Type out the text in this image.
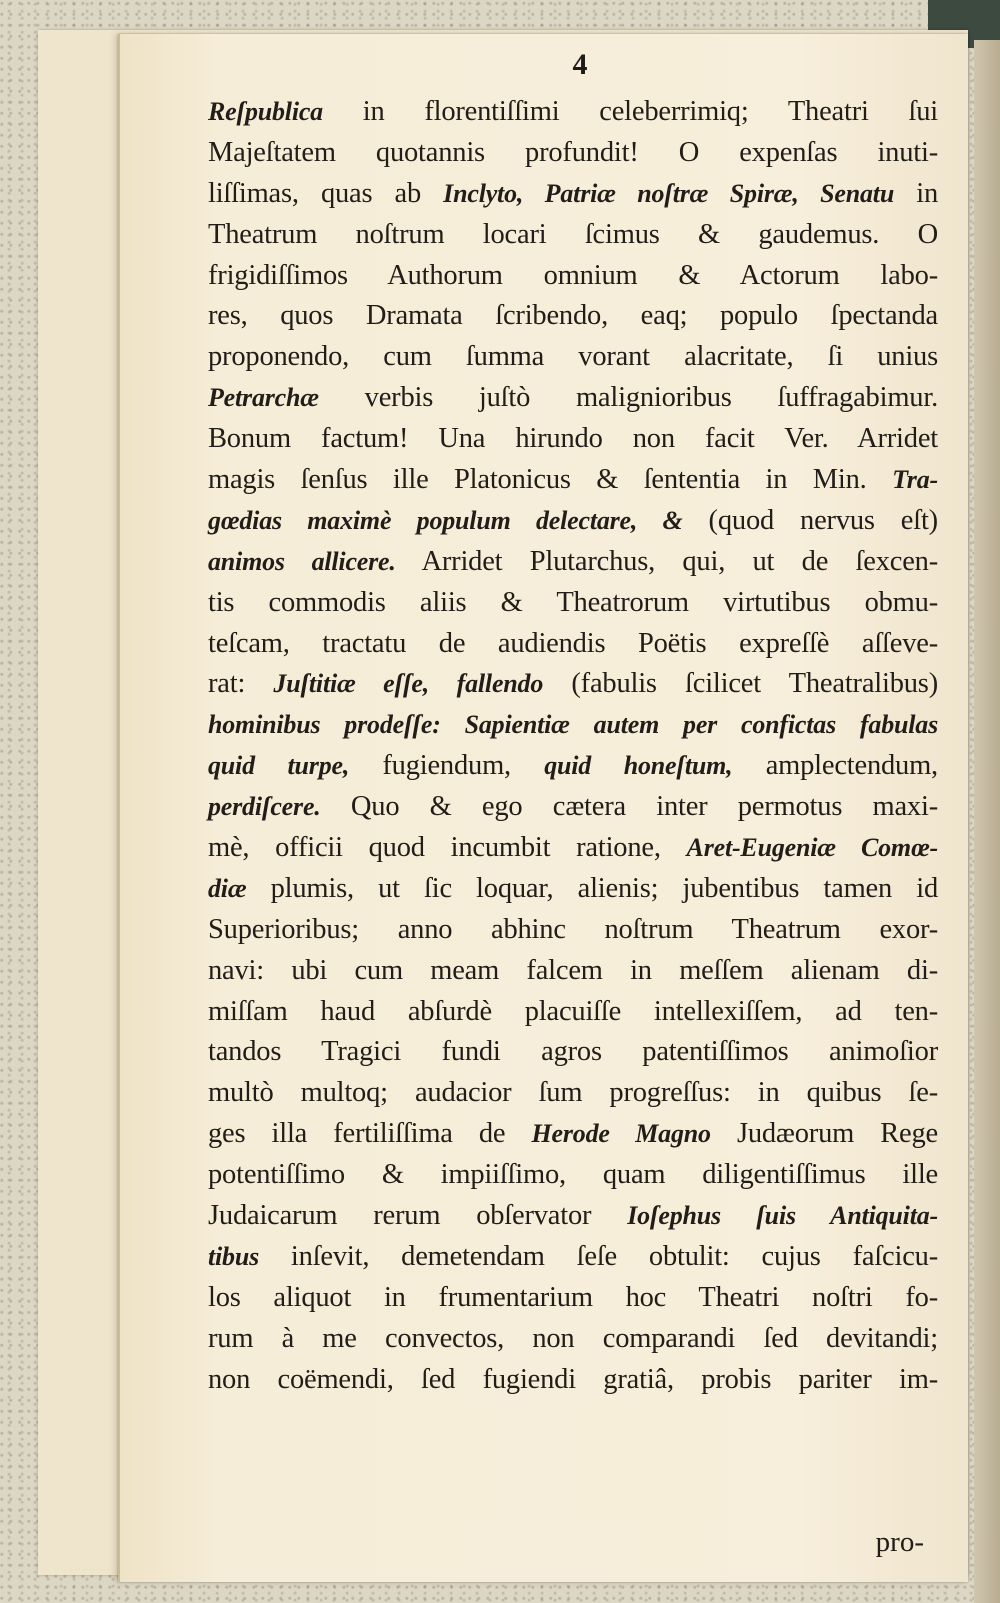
4
Reſpublica in florentiſſimi celeberrimiq; Theatri ſui
Majeſtatem quotannis profundit! O expenſas inuti-
liſſimas, quas ab Inclyto, Patriæ noſtræ Spiræ, Senatu in
Theatrum noſtrum locari ſcimus & gaudemus. O
frigidiſſimos Authorum omnium & Actorum labo-
res, quos Dramata ſcribendo, eaq; populo ſpectanda
proponendo, cum ſumma vorant alacritate, ſi unius
Petrarchæ verbis juſtò malignioribus ſuffragabimur.
Bonum factum! Una hirundo non facit Ver. Arridet
magis ſenſus ille Platonicus & ſententia in Min. Tra-
gœdias maximè populum delectare, & (quod nervus eſt)
animos allicere. Arridet Plutarchus, qui, ut de ſexcen-
tis commodis aliis & Theatrorum virtutibus obmu-
teſcam, tractatu de audiendis Poëtis expreſſè aſſeve-
rat: Juſtitiæ eſſe, fallendo (fabulis ſcilicet Theatralibus)
hominibus prodeſſe: Sapientiæ autem per confictas fabulas
quid turpe, fugiendum, quid honeſtum, amplectendum,
perdiſcere. Quo & ego cætera inter permotus maxi-
mè, officii quod incumbit ratione, Aret-Eugeniæ Comœ-
diæ plumis, ut ſic loquar, alienis; jubentibus tamen id
Superioribus; anno abhinc noſtrum Theatrum exor-
navi: ubi cum meam falcem in meſſem alienam di-
miſſam haud abſurdè placuiſſe intellexiſſem, ad ten-
tandos Tragici fundi agros patentiſſimos animoſior
multò multoq; audacior ſum progreſſus: in quibus ſe-
ges illa fertiliſſima de Herode Magno Judæorum Rege
potentiſſimo & impiiſſimo, quam diligentiſſimus ille
Judaicarum rerum obſervator Ioſephus ſuis Antiquita-
tibus inſevit, demetendam ſeſe obtulit: cujus faſcicu-
los aliquot in frumentarium hoc Theatri noſtri fo-
rum à me convectos, non comparandi ſed devitandi;
non coëmendi, ſed fugiendi gratiâ, probis pariter im-
pro-
